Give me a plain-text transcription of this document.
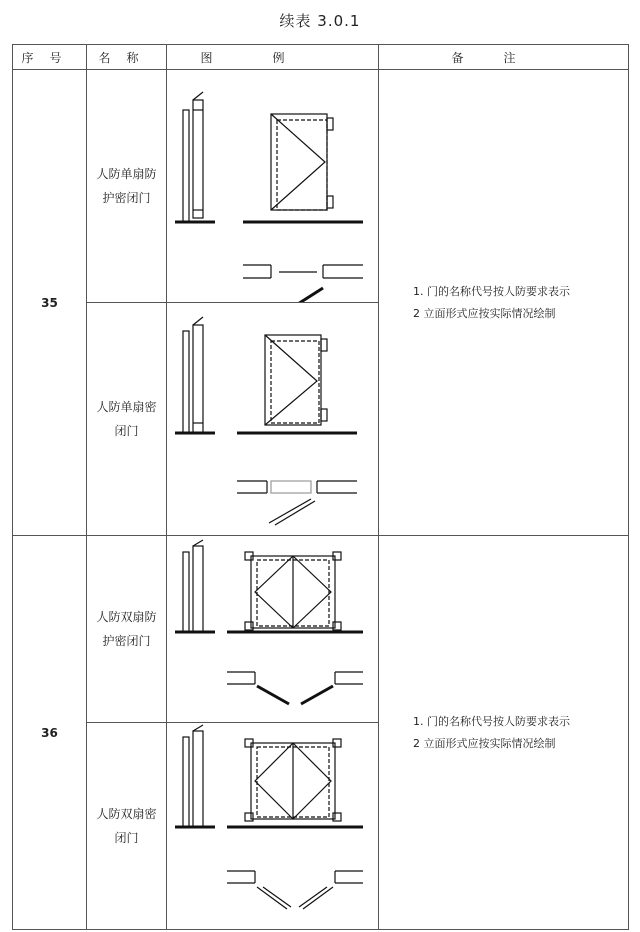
续表 3.0.1
序号	名称	图例	备注
35	人防单扇防护密闭门		1. 门的名称代号按人防要求表示
2 立面形式应按实际情况绘制

	人防单扇密闭门	

36	人防双扇防护密闭门		1. 门的名称代号按人防要求表示
2 立面形式应按实际情况绘制

	人防双扇密闭门	
